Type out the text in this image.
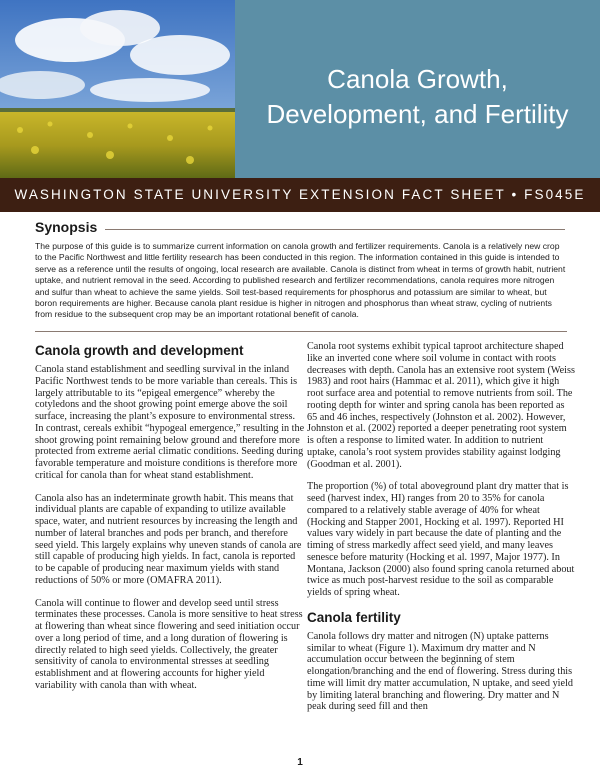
Canola Growth,
Development, and Fertility
WASHINGTON STATE UNIVERSITY EXTENSION FACT SHEET • FS045E
Synopsis

The purpose of this guide is to summarize current information on canola growth and fertilizer requirements. Canola is a relatively new crop to the Pacific Northwest and little fertility research has been conducted in this region. The information contained in this guide is intended to serve as a reference until the results of ongoing, local research are available. Canola is distinct from wheat in terms of growth habit, nutrient uptake, and nutrient removal in the seed. According to published research and fertilizer recommendations, canola requires more nitrogen and sulfur than wheat to achieve the same yields. Soil test-based requirements for phosphorus and potassium are similar to wheat, but boron requirements are higher. Because canola plant residue is higher in nitrogen and phosphorus than wheat straw, cycling of nutrients from residue to the subsequent crop may be an important rotational benefit of canola.

Canola growth and development

Canola stand establishment and seedling survival in the inland Pacific Northwest tends to be more variable than cereals. This is largely attributable to its “epigeal emergence” whereby the cotyledons and the shoot growing point emerge above the soil surface, increasing the plant’s exposure to environmental stress. In contrast, cereals exhibit “hypogeal emergence,” resulting in the shoot growing point remaining below ground and therefore more protected from extreme aerial climatic conditions. Seeding during favorable temperature and moisture conditions is therefore more critical for canola than for wheat stand establishment.

Canola also has an indeterminate growth habit. This means that individual plants are capable of expanding to utilize available space, water, and nutrient resources by increasing the length and number of lateral branches and pods per branch, and therefore seed yield. This largely explains why uneven stands of canola are still capable of producing high yields. In fact, canola is reported to be capable of producing near maximum yields with stand reductions of 50% or more (OMAFRA 2011).

Canola will continue to flower and develop seed until stress terminates these processes. Canola is more sensitive to heat stress at flowering than wheat since flowering and seed initiation occur over a long period of time, and a long duration of flowering is directly related to high seed yields. Collectively, the greater sensitivity of canola to environmental stresses at seedling establishment and at flowering accounts for higher yield variability with canola than with wheat.

Canola root systems exhibit typical taproot architecture shaped like an inverted cone where soil volume in contact with roots decreases with depth. Canola has an extensive root system (Weiss 1983) and root hairs (Hammac et al. 2011), which give it high root surface area and potential to remove nutrients from soil. The rooting depth for winter and spring canola has been reported as 65 and 46 inches, respectively (Johnston et al. 2002). However, Johnston et al. (2002) reported a deeper penetrating root system is often a response to limited water. In addition to nutrient uptake, canola’s root system provides stability against lodging (Goodman et al. 2001).

The proportion (%) of total aboveground plant dry matter that is seed (harvest index, HI) ranges from 20 to 35% for canola compared to a relatively stable average of 40% for wheat (Hocking and Stapper 2001, Hocking et al. 1997). Reported HI values vary widely in part because the date of planting and the timing of stress markedly affect seed yield, and many leaves senesce before maturity (Hocking et al. 1997, Major 1977). In Montana, Jackson (2000) also found spring canola returned about twice as much post-harvest residue to the soil as comparable yields of spring wheat.

Canola fertility

Canola follows dry matter and nitrogen (N) uptake patterns similar to wheat (Figure 1). Maximum dry matter and N accumulation occur between the beginning of stem elongation/branching and the end of flowering. Stress during this time will limit dry matter accumulation, N uptake, and seed yield by limiting lateral branching and flowering. Dry matter and N peak during seed fill and then

1
